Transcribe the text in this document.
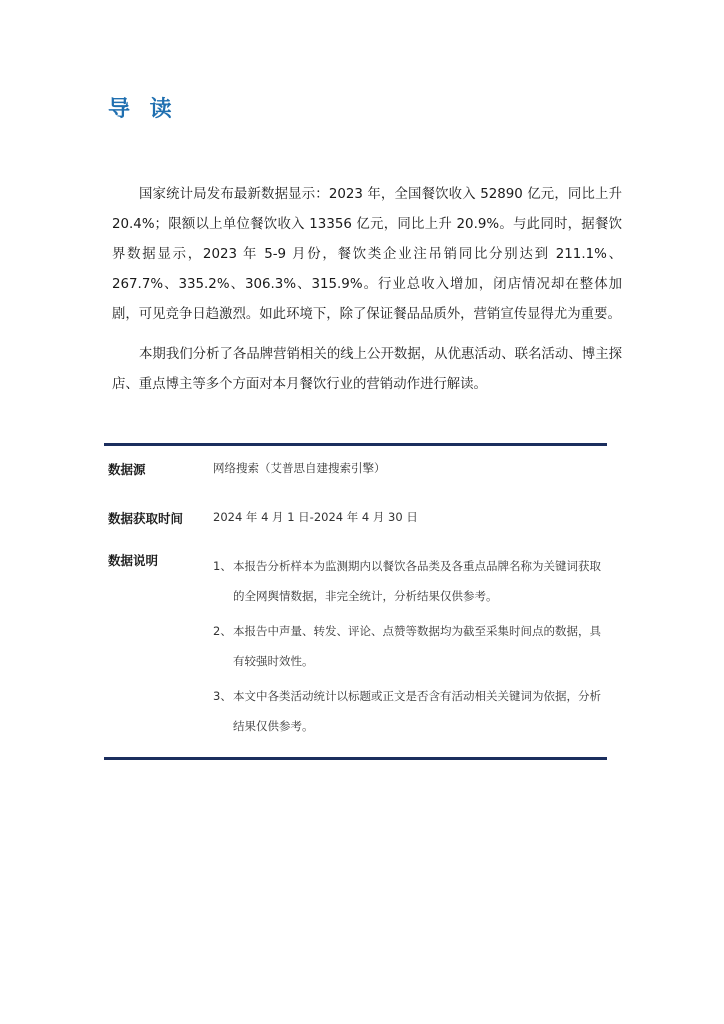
导 读

国家统计局发布最新数据显示：2023 年，全国餐饮收入 52890 亿元，同比上升 20.4%；限额以上单位餐饮收入 13356 亿元，同比上升 20.9%。与此同时，据餐饮界数据显示，2023 年 5-9 月份，餐饮类企业注吊销同比分别达到 211.1%、267.7%、335.2%、306.3%、315.9%。行业总收入增加，闭店情况却在整体加剧，可见竞争日趋激烈。如此环境下，除了保证餐品品质外，营销宣传显得尤为重要。

本期我们分析了各品牌营销相关的线上公开数据，从优惠活动、联名活动、博主探店、重点博主等多个方面对本月餐饮行业的营销动作进行解读。

数据源	网络搜索（艾普思自建搜索引擎）
数据获取时间	2024 年 4 月 1 日-2024 年 4 月 30 日
数据说明	1、 本报告分析样本为监测期内以餐饮各品类及各重点品牌名称为关键词获取的全网舆情数据，非完全统计，分析结果仅供参考。
2、 本报告中声量、转发、评论、点赞等数据均为截至采集时间点的数据，具有较强时效性。
3、 本文中各类活动统计以标题或正文是否含有活动相关关键词为依据，分析结果仅供参考。
